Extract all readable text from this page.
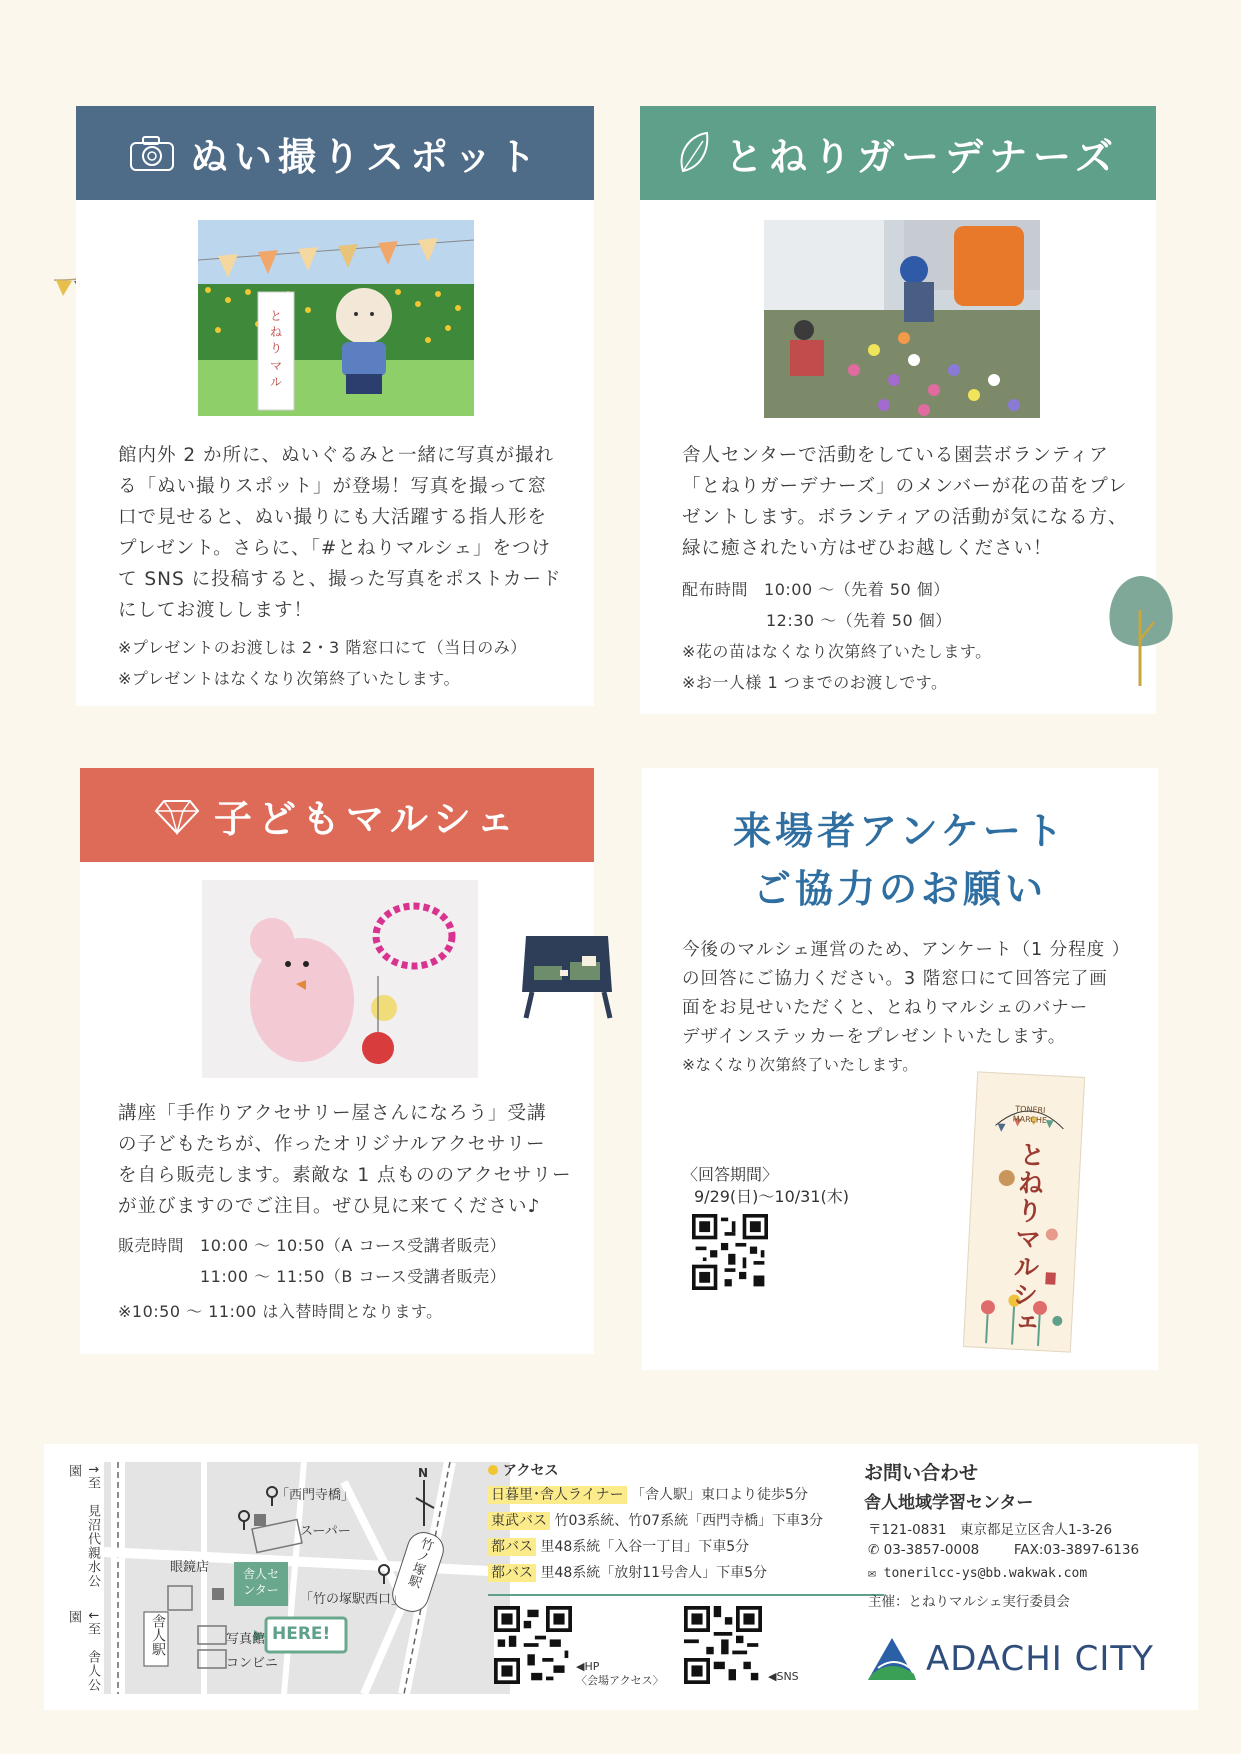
ぬい撮りスポット
と
ね
り
マ
ル
館内外 2 か所に、ぬいぐるみと一緒に写真が撮れ
る「ぬい撮りスポット」が登場！写真を撮って窓
口で見せると、ぬい撮りにも大活躍する指人形を
プレゼント。さらに、「#とねりマルシェ」をつけ
て SNS に投稿すると、撮った写真をポストカード
にしてお渡しします！
※プレゼントのお渡しは 2・3 階窓口にて（当日のみ）
※プレゼントはなくなり次第終了いたします。
とねりガーデナーズ
舎人センターで活動をしている園芸ボランティア
「とねりガーデナーズ」のメンバーが花の苗をプレ
ゼントします。ボランティアの活動が気になる方、
緑に癒されたい方はぜひお越しください！
配布時間 10:00 ～（先着 50 個）
12:30 ～（先着 50 個）
※花の苗はなくなり次第終了いたします。
※お一人様 1 つまでのお渡しです。
子どもマルシェ
講座「手作りアクセサリー屋さんになろう」受講
の子どもたちが、作ったオリジナルアクセサリー
を自ら販売します。素敵な 1 点もののアクセサリー
が並びますのでご注目。ぜひ見に来てください♪
販売時間 10:00 ～ 10:50（A コース受講者販売）
11:00 ～ 11:50（B コース受講者販売）
※10:50 ～ 11:00 は入替時間となります。
来場者アンケート
ご協力のお願い
今後のマルシェ運営のため、アンケート（1 分程度 ）
の回答にご協力ください。3 階窓口にて回答完了画
面をお見せいただくと、とねりマルシェのバナー
デザインステッカーをプレゼントいたします。
※なくなり次第終了いたします。
〈回答期間〉
9/29(日)～10/31(木)
TONERI MARCHE
とねりマルシェ
↑至　見沼代親水公園
↓至　舎人公園
N
「西門寺橋」
スーパー
眼鏡店	舎人センター
「竹の塚駅西口」
舎人駅
竹ノ塚駅
写真館
コンビニ
HERE!
アクセス
日暮里･舎人ライナー 「舎人駅」東口より徒歩5分
東武バス 竹03系統、竹07系統「西門寺橋」下車3分
都バス 里48系統「入谷一丁目」下車5分
都バス 里48系統「放射11号舎人」下車5分
◀HP
〈会場アクセス〉	◀SNS
お問い合わせ
舎人地域学習センター
〒121-0831　東京都足立区舎人1-3-26
✆ 03-3857-0008	FAX:03-3897-6136
✉ tonerilcc-ys@bb.wakwak.com
主催：とねりマルシェ実行委員会
ADACHI CITY
